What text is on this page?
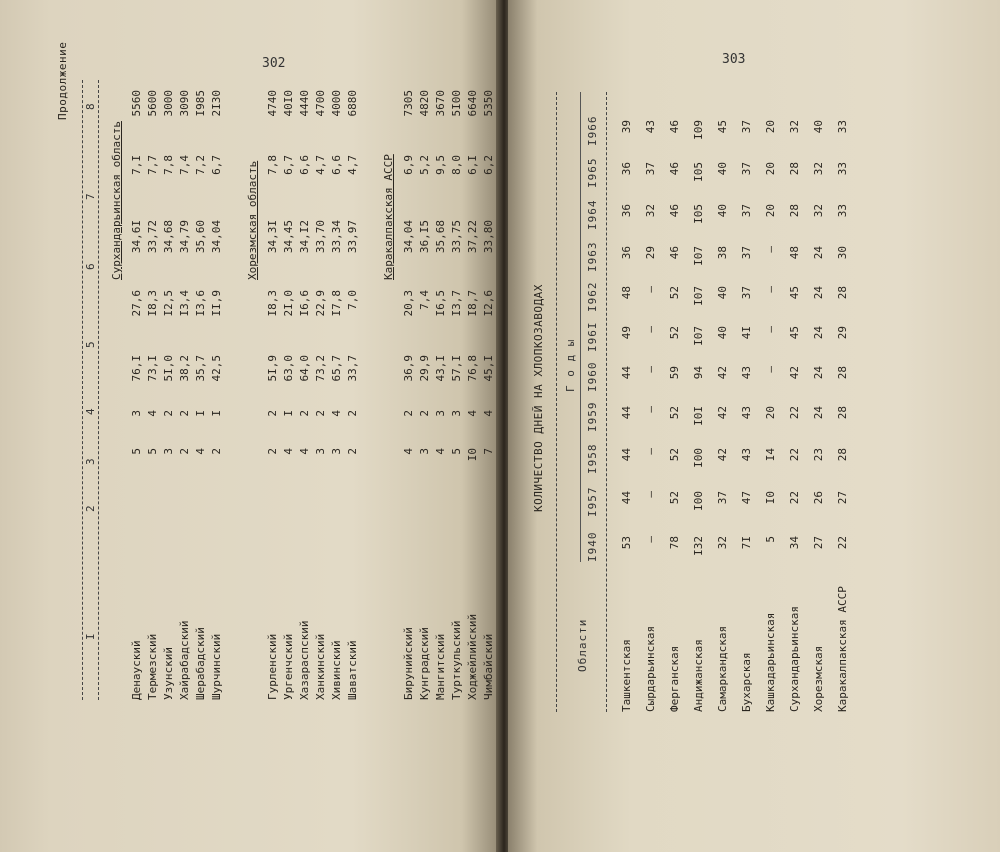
302
Продолжение
I
2
3
4
5
6
7
8
Сурхандарьинская область
Денауский
5
3
76,I
27,6
34,6I
7,I
5560
Термезский
5
4
73,I
I8,3
33,72
7,7
5600
Узунский
3
2
5I,0
I2,5
34,68
7,8
3000
Хайрабадский
2
2
38,2
I3,4
34,79
7,4
3090
Шерабадский
4
I
35,7
I3,6
35,60
7,2
I985
Шурчинский
2
I
42,5
II,9
34,04
6,7
2I30
Хорезмская область
Гурленский
2
2
5I,9
I8,3
34,3I
7,8
4740
Ургенчский
4
I
63,0
2I,0
34,45
6,7
40I0
Хазараспский
4
2
64,0
I6,6
34,I2
6,6
4440
Ханкинский
3
2
73,2
22,9
33,70
4,7
4700
Хивинский
3
4
65,7
I7,8
33,34
6,6
4000
Шаватский
2
2
33,7
7,0
33,97
4,7
6880
Каракалпакская АССР
Бирунийский
4
2
36,9
20,3
34,04
6,9
7305
Кунградский
3
2
29,9
7,4
36,I5
5,2
4820
Мангитский
4
3
43,I
I6,5
35,68
9,5
3670
Турткульский
5
3
57,I
I3,7
33,75
8,0
5I00
Ходжейлийский
I0
4
76,8
I8,7
37,22
6,I
6640
Чимбайский
7
4
45,I
I2,6
33,80
6,2
5350
303
КОЛИЧЕСТВО ДНЕЙ НА ХЛОПКОЗАВОДАХ
Области
Г о д ы
I940
I957
I958
I959
I960
I96I
I962
I963
I964
I965
I966
Ташкентская
53
44
44
44
44
49
48
36
36
36
39
Сырдарьинская
–
–
–
–
–
–
–
29
32
37
43
Ферганская
78
52
52
52
59
52
52
46
46
46
46
Андижанская
I32
I00
I00
I0I
94
I07
I07
I07
I05
I05
I09
Самаркандская
32
37
42
42
42
40
40
38
40
40
45
Бухарская
7I
47
43
43
43
4I
37
37
37
37
37
Кашкадарьинская
5
I0
I4
20
–
–
–
–
20
20
20
Сурхандарьинская
34
22
22
22
42
45
45
48
28
28
32
Хорезмская
27
26
23
24
24
24
24
24
32
32
40
Каракалпакская АССР
22
27
28
28
28
29
28
30
33
33
33
